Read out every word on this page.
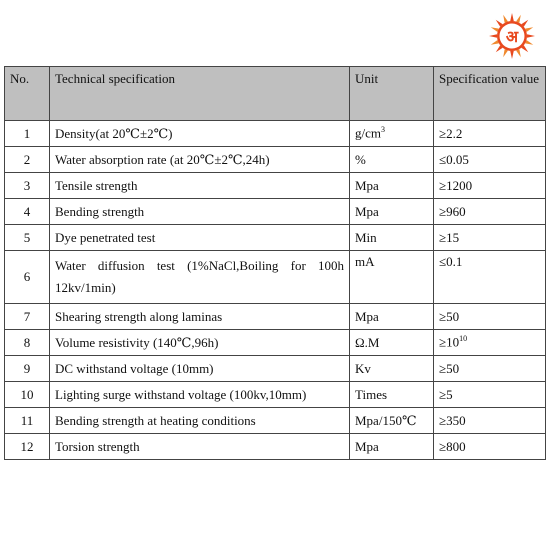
अ
No.	Technical specification	Unit	Specification value
1	Density(at 20℃±2℃)	$g/cm^3$	≥2.2
2	Water absorption rate (at 20℃±2℃,24h)	%	≤0.05
3	Tensile strength	Mpa	≥1200
4	Bending strength	Mpa	≥960
5	Dye penetrated test	Min	≥15
6	Water diffusion test (1%NaCl,Boiling for 100h 12kv/1min)	mA	≤0.1
7	Shearing strength along laminas	Mpa	≥50
8	Volume resistivity (140℃,96h)	Ω.M	$\ge 10^{10}$
9	DC withstand voltage (10mm)	Kv	≥50
10	Lighting surge withstand voltage (100kv,10mm)	Times	≥5
11	Bending strength at heating conditions	Mpa/150℃	≥350
12	Torsion strength	Mpa	≥800
